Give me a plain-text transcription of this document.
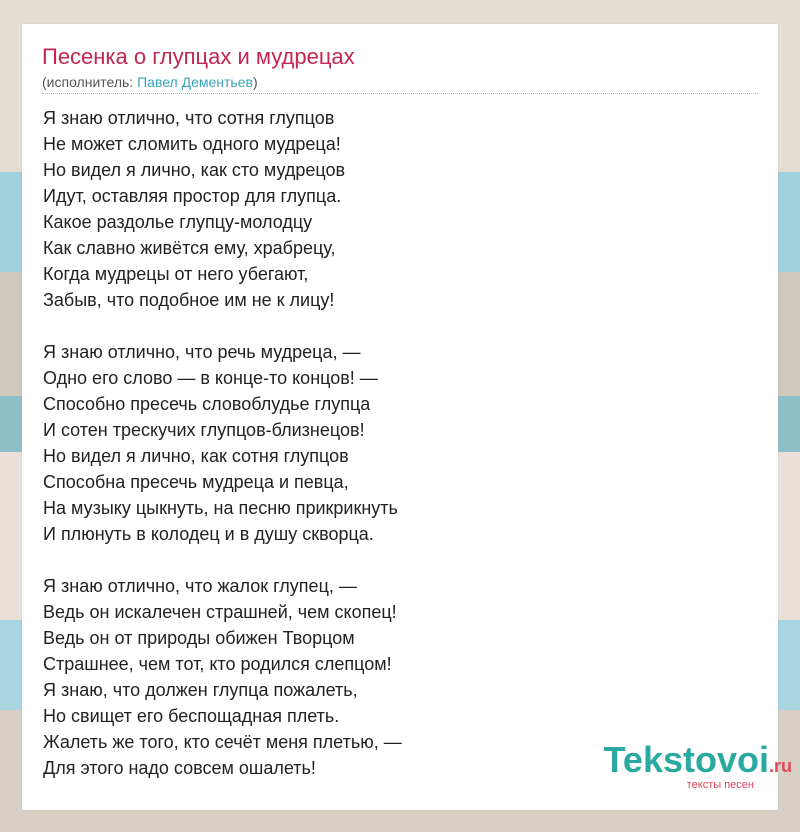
Песенка о глупцах и мудрецах
(исполнитель: Павел Дементьев)
Я знаю отлично, что сотня глупцов
Не может сломить одного мудреца!
Но видел я лично, как сто мудрецов
Идут, оставляя простор для глупца.
Какое раздолье глупцу-молодцу
Как славно живётся ему, храбрецу,
Когда мудрецы от него убегают,
Забыв, что подобное им не к лицу!
Я знаю отлично, что речь мудреца, —
Одно его слово — в конце-то концов! —
Способно пресечь словоблудье глупца
И сотен трескучих глупцов-близнецов!
Но видел я лично, как сотня глупцов
Способна пресечь мудреца и певца,
На музыку цыкнуть, на песню прикрикнуть
И плюнуть в колодец и в душу скворца.
Я знаю отлично, что жалок глупец, —
Ведь он искалечен страшней, чем скопец!
Ведь он от природы обижен Творцом
Страшнее, чем тот, кто родился слепцом!
Я знаю, что должен глупца пожалеть,
Но свищет его беспощадная плеть.
Жалеть же того, кто сечёт меня плетью, —
Для этого надо совсем ошалеть!	Tekstovoi.ru
тексты песен
